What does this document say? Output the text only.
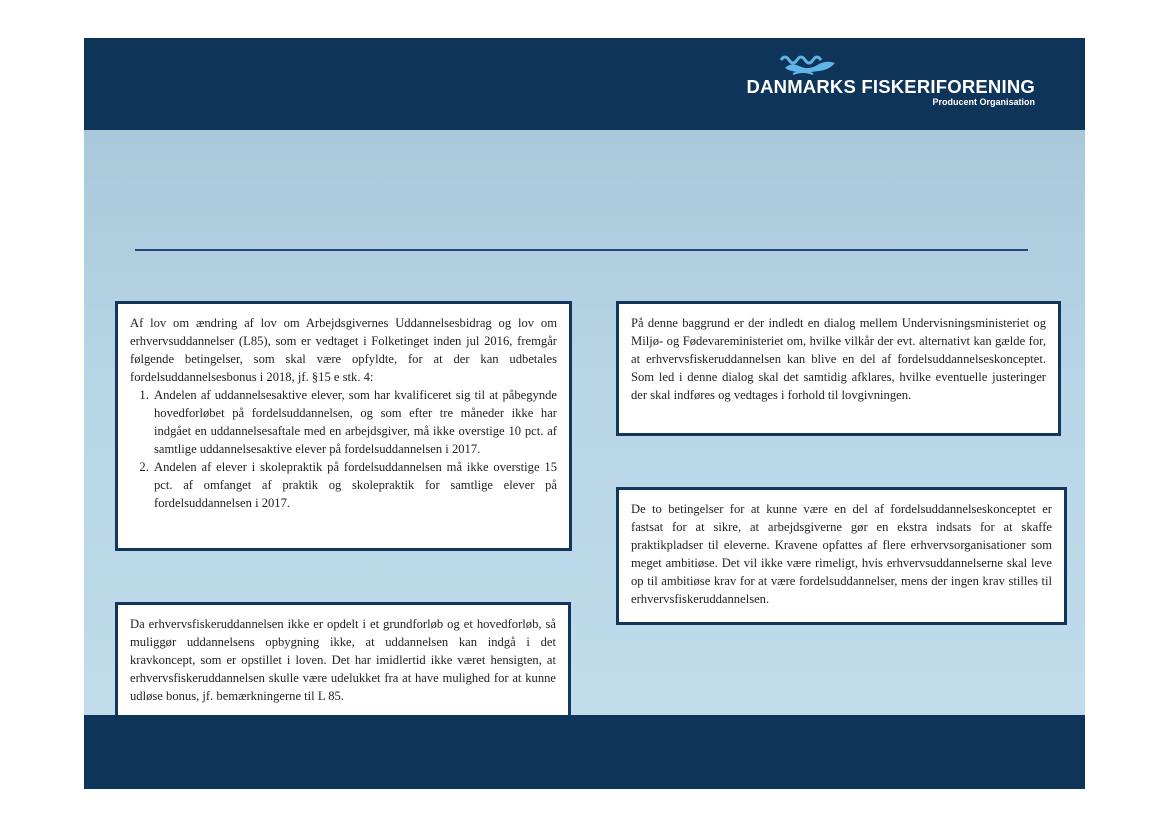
DANMARKS FISKERIFORENING
Producent Organisation

Af lov om ændring af lov om Arbejdsgivernes Uddannelsesbidrag og lov om erhvervsuddannelser (L85), som er vedtaget i Folketinget inden jul 2016, fremgår følgende betingelser, som skal være opfyldte, for at der kan udbetales fordelsuddannelsesbonus i 2018, jf. §15 e stk. 4:

1. Andelen af uddannelsesaktive elever, som har kvalificeret sig til at påbegynde hovedforløbet på fordelsuddannelsen, og som efter tre måneder ikke har indgået en uddannelsesaftale med en arbejdsgiver, må ikke overstige 10 pct. af samtlige uddannelsesaktive elever på fordelsuddannelsen i 2017.
2. Andelen af elever i skolepraktik på fordelsuddannelsen må ikke overstige 15 pct. af omfanget af praktik og skolepraktik for samtlige elever på fordelsuddannelsen i 2017.

Da erhvervsfiskeruddannelsen ikke er opdelt i et grundforløb og et hovedforløb, så muliggør uddannelsens opbygning ikke, at uddannelsen kan indgå i det kravkoncept, som er opstillet i loven. Det har imidlertid ikke været hensigten, at erhvervsfiskeruddannelsen skulle være udelukket fra at have mulighed for at kunne udløse bonus, jf. bemærkningerne til L 85.

På denne baggrund er der indledt en dialog mellem Undervisningsministeriet og Miljø- og Fødevareministeriet om, hvilke vilkår der evt. alternativt kan gælde for, at erhvervsfiskeruddannelsen kan blive en del af fordelsuddannelseskonceptet. Som led i denne dialog skal det samtidig afklares, hvilke eventuelle justeringer der skal indføres og vedtages i forhold til lovgivningen.

De to betingelser for at kunne være en del af fordelsuddannelseskonceptet er fastsat for at sikre, at arbejdsgiverne gør en ekstra indsats for at skaffe praktikpladser til eleverne. Kravene opfattes af flere erhvervsorganisationer som meget ambitiøse. Det vil ikke være rimeligt, hvis erhvervsuddannelserne skal leve op til ambitiøse krav for at være fordelsuddannelser, mens der ingen krav stilles til erhvervsfiskeruddannelsen.
